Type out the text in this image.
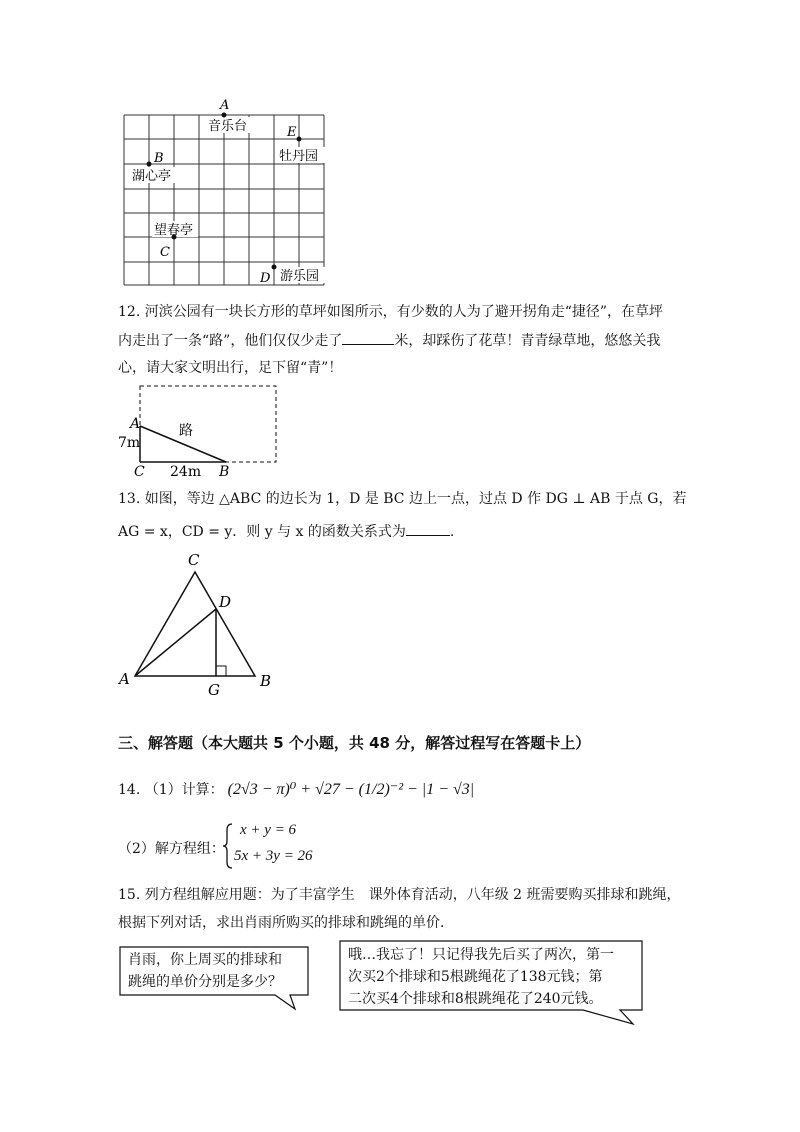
A
E
B
C
D
音乐台
牡丹园
湖心亭
望春亭
游乐园
12. 河滨公园有一块长方形的草坪如图所示，有少数的人为了避开拐角走“捷径”，在草坪
内走出了一条“路”，他们仅仅少走了	米，却踩伤了花草！青青绿草地，悠悠关我
心，请大家文明出行，足下留“青”！
A	路
7m
C 24m B
13. 如图，等边 △ABC 的边长为 1，D 是 BC 边上一点，过点 D 作 DG ⊥ AB 于点 G，若
AG = x，CD = y．则 y 与 x 的函数关系式为	.
C
D
A
G	B
三、解答题（本大题共 5 个小题，共 48 分，解答过程写在答题卡上）
14. （1）计算： (2√3 − π)⁰ + √27 − (1/2)⁻² − |1 − √3|
（2）解方程组：
x + y = 6
5x + 3y = 26
15. 列方程组解应用题：为了丰富学生　课外体育活动，八年级 2 班需要购买排球和跳绳，
根据下列对话，求出肖雨所购买的排球和跳绳的单价．
肖雨，你上周买的排球和
跳绳的单价分别是多少？
哦…我忘了！只记得我先后买了两次，第一
次买2个排球和5根跳绳花了138元钱；第
二次买4个排球和8根跳绳花了240元钱。
